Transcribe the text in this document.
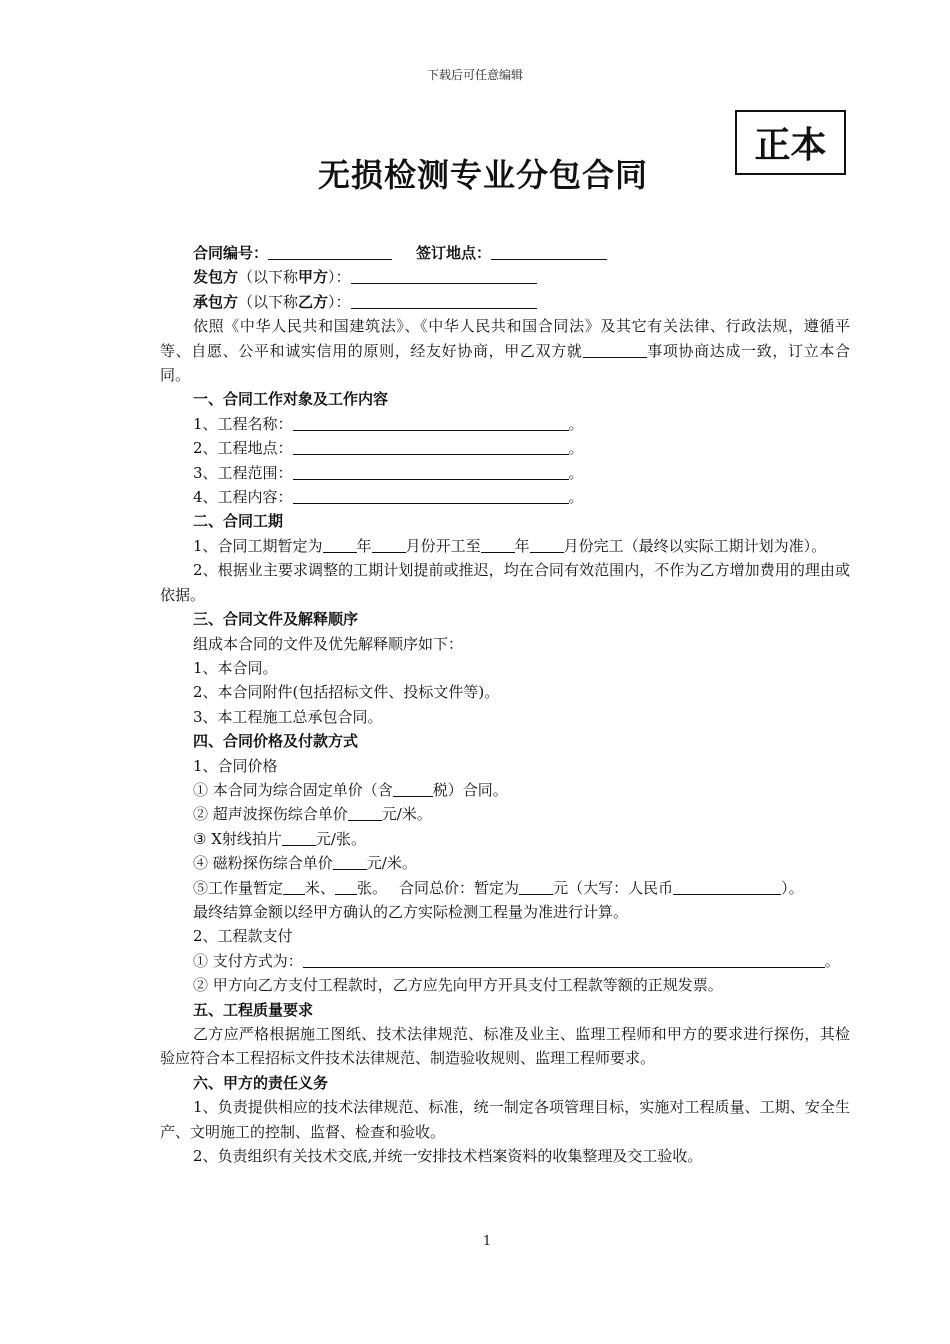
下载后可任意编辑
正本
无损检测专业分包合同
合同编号：	签订地点：
发包方（以下称甲方）：
承包方（以下称乙方）：
依照《中华人民共和国建筑法》、《中华人民共和国合同法》及其它有关法律、行政法规，遵循平等、自愿、公平和诚实信用的原则，经友好协商，甲乙双方就	事项协商达成一致，订立本合同。
一、合同工作对象及工作内容
1、工程名称：	。
2、工程地点：	。
3、工程范围：	。
4、工程内容：	。
二、合同工期
1、合同工期暂定为 年 月份开工至 年 月份完工（最终以实际工期计划为准）。
2、根据业主要求调整的工期计划提前或推迟，均在合同有效范围内，不作为乙方增加费用的理由或依据。
三、合同文件及解释顺序
组成本合同的文件及优先解释顺序如下：
1、本合同。
2、本合同附件(包括招标文件、投标文件等)。
3、本工程施工总承包合同。
四、合同价格及付款方式
1、合同价格
① 本合同为综合固定单价（含	税）合同。
② 超声波探伤综合单价 元/米。
③ X射线拍片 元/张。
④ 磁粉探伤综合单价 元/米。
⑤工作量暂定 米、 张。 合同总价：暂定为 元（大写：人民币	）。
最终结算金额以经甲方确认的乙方实际检测工程量为准进行计算。
2、工程款支付
① 支付方式为：	。
② 甲方向乙方支付工程款时，乙方应先向甲方开具支付工程款等额的正规发票。
五、工程质量要求
乙方应严格根据施工图纸、技术法律规范、标准及业主、监理工程师和甲方的要求进行探伤，其检验应符合本工程招标文件技术法律规范、制造验收规则、监理工程师要求。
六、甲方的责任义务
1、负责提供相应的技术法律规范、标准，统一制定各项管理目标，实施对工程质量、工期、安全生产、文明施工的控制、监督、检查和验收。
2、负责组织有关技术交底,并统一安排技术档案资料的收集整理及交工验收。
1
